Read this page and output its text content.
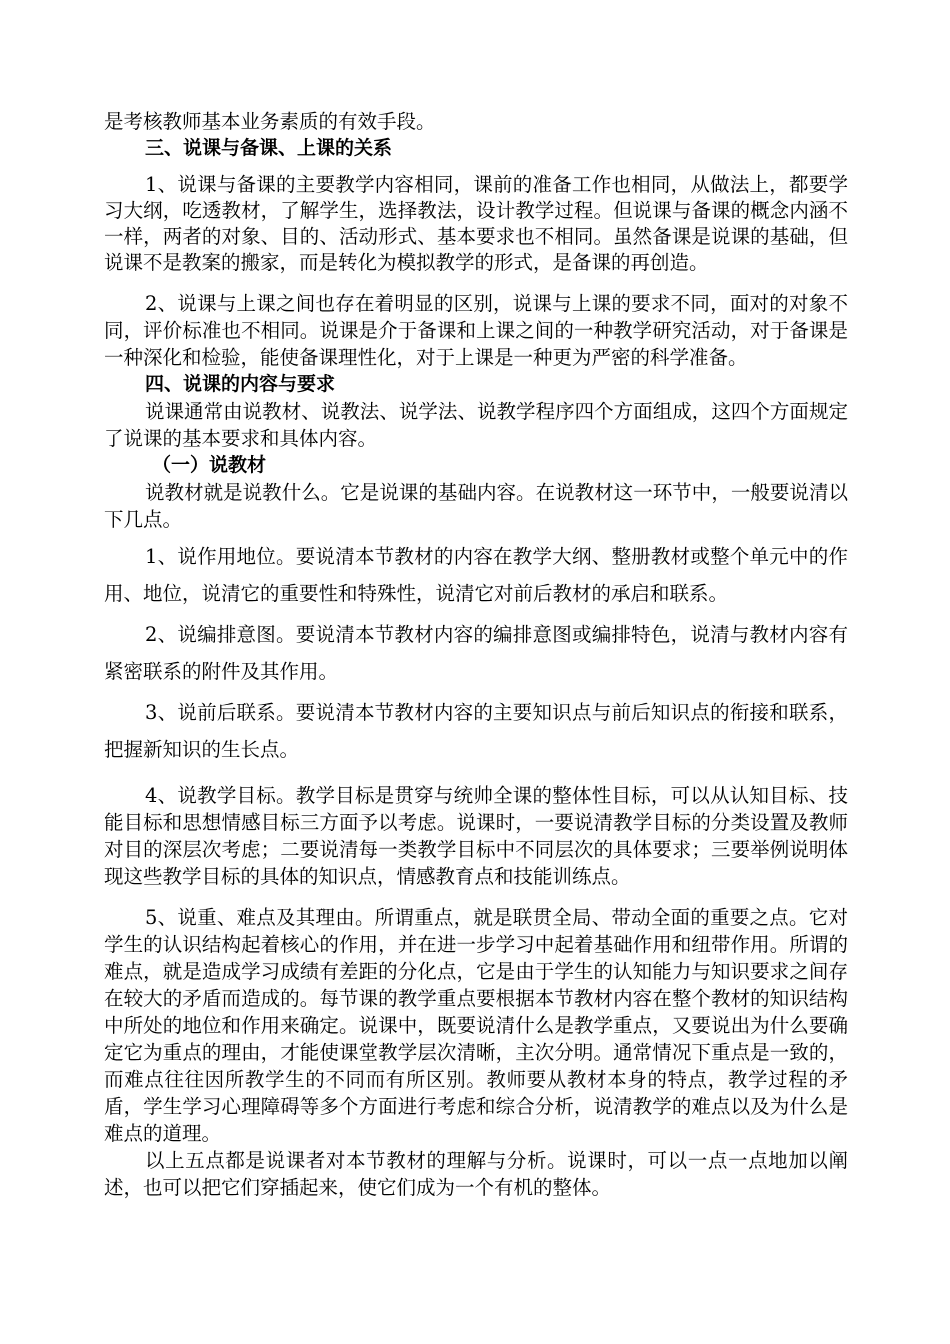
是考核教师基本业务素质的有效手段。

三、说课与备课、上课的关系

1、说课与备课的主要教学内容相同，课前的准备工作也相同，从做法上，都要学习大纲，吃透教材，了解学生，选择教法，设计教学过程。但说课与备课的概念内涵不一样，两者的对象、目的、活动形式、基本要求也不相同。虽然备课是说课的基础，但说课不是教案的搬家，而是转化为模拟教学的形式，是备课的再创造。

2、说课与上课之间也存在着明显的区别，说课与上课的要求不同，面对的对象不同，评价标准也不相同。说课是介于备课和上课之间的一种教学研究活动，对于备课是一种深化和检验，能使备课理性化，对于上课是一种更为严密的科学准备。

四、说课的内容与要求

说课通常由说教材、说教法、说学法、说教学程序四个方面组成，这四个方面规定了说课的基本要求和具体内容。

（一）说教材

说教材就是说教什么。它是说课的基础内容。在说教材这一环节中，一般要说清以下几点。

1、说作用地位。要说清本节教材的内容在教学大纲、整册教材或整个单元中的作用、地位，说清它的重要性和特殊性，说清它对前后教材的承启和联系。

2、说编排意图。要说清本节教材内容的编排意图或编排特色，说清与教材内容有紧密联系的附件及其作用。

3、说前后联系。要说清本节教材内容的主要知识点与前后知识点的衔接和联系，把握新知识的生长点。

4、说教学目标。教学目标是贯穿与统帅全课的整体性目标，可以从认知目标、技能目标和思想情感目标三方面予以考虑。说课时，一要说清教学目标的分类设置及教师对目的深层次考虑；二要说清每一类教学目标中不同层次的具体要求；三要举例说明体现这些教学目标的具体的知识点，情感教育点和技能训练点。

5、说重、难点及其理由。所谓重点，就是联贯全局、带动全面的重要之点。它对学生的认识结构起着核心的作用，并在进一步学习中起着基础作用和纽带作用。所谓的难点，就是造成学习成绩有差距的分化点，它是由于学生的认知能力与知识要求之间存在较大的矛盾而造成的。每节课的教学重点要根据本节教材内容在整个教材的知识结构中所处的地位和作用来确定。说课中，既要说清什么是教学重点，又要说出为什么要确定它为重点的理由，才能使课堂教学层次清晰，主次分明。通常情况下重点是一致的，而难点往往因所教学生的不同而有所区别。教师要从教材本身的特点，教学过程的矛盾，学生学习心理障碍等多个方面进行考虑和综合分析，说清教学的难点以及为什么是难点的道理。

以上五点都是说课者对本节教材的理解与分析。说课时，可以一点一点地加以阐述，也可以把它们穿插起来，使它们成为一个有机的整体。
